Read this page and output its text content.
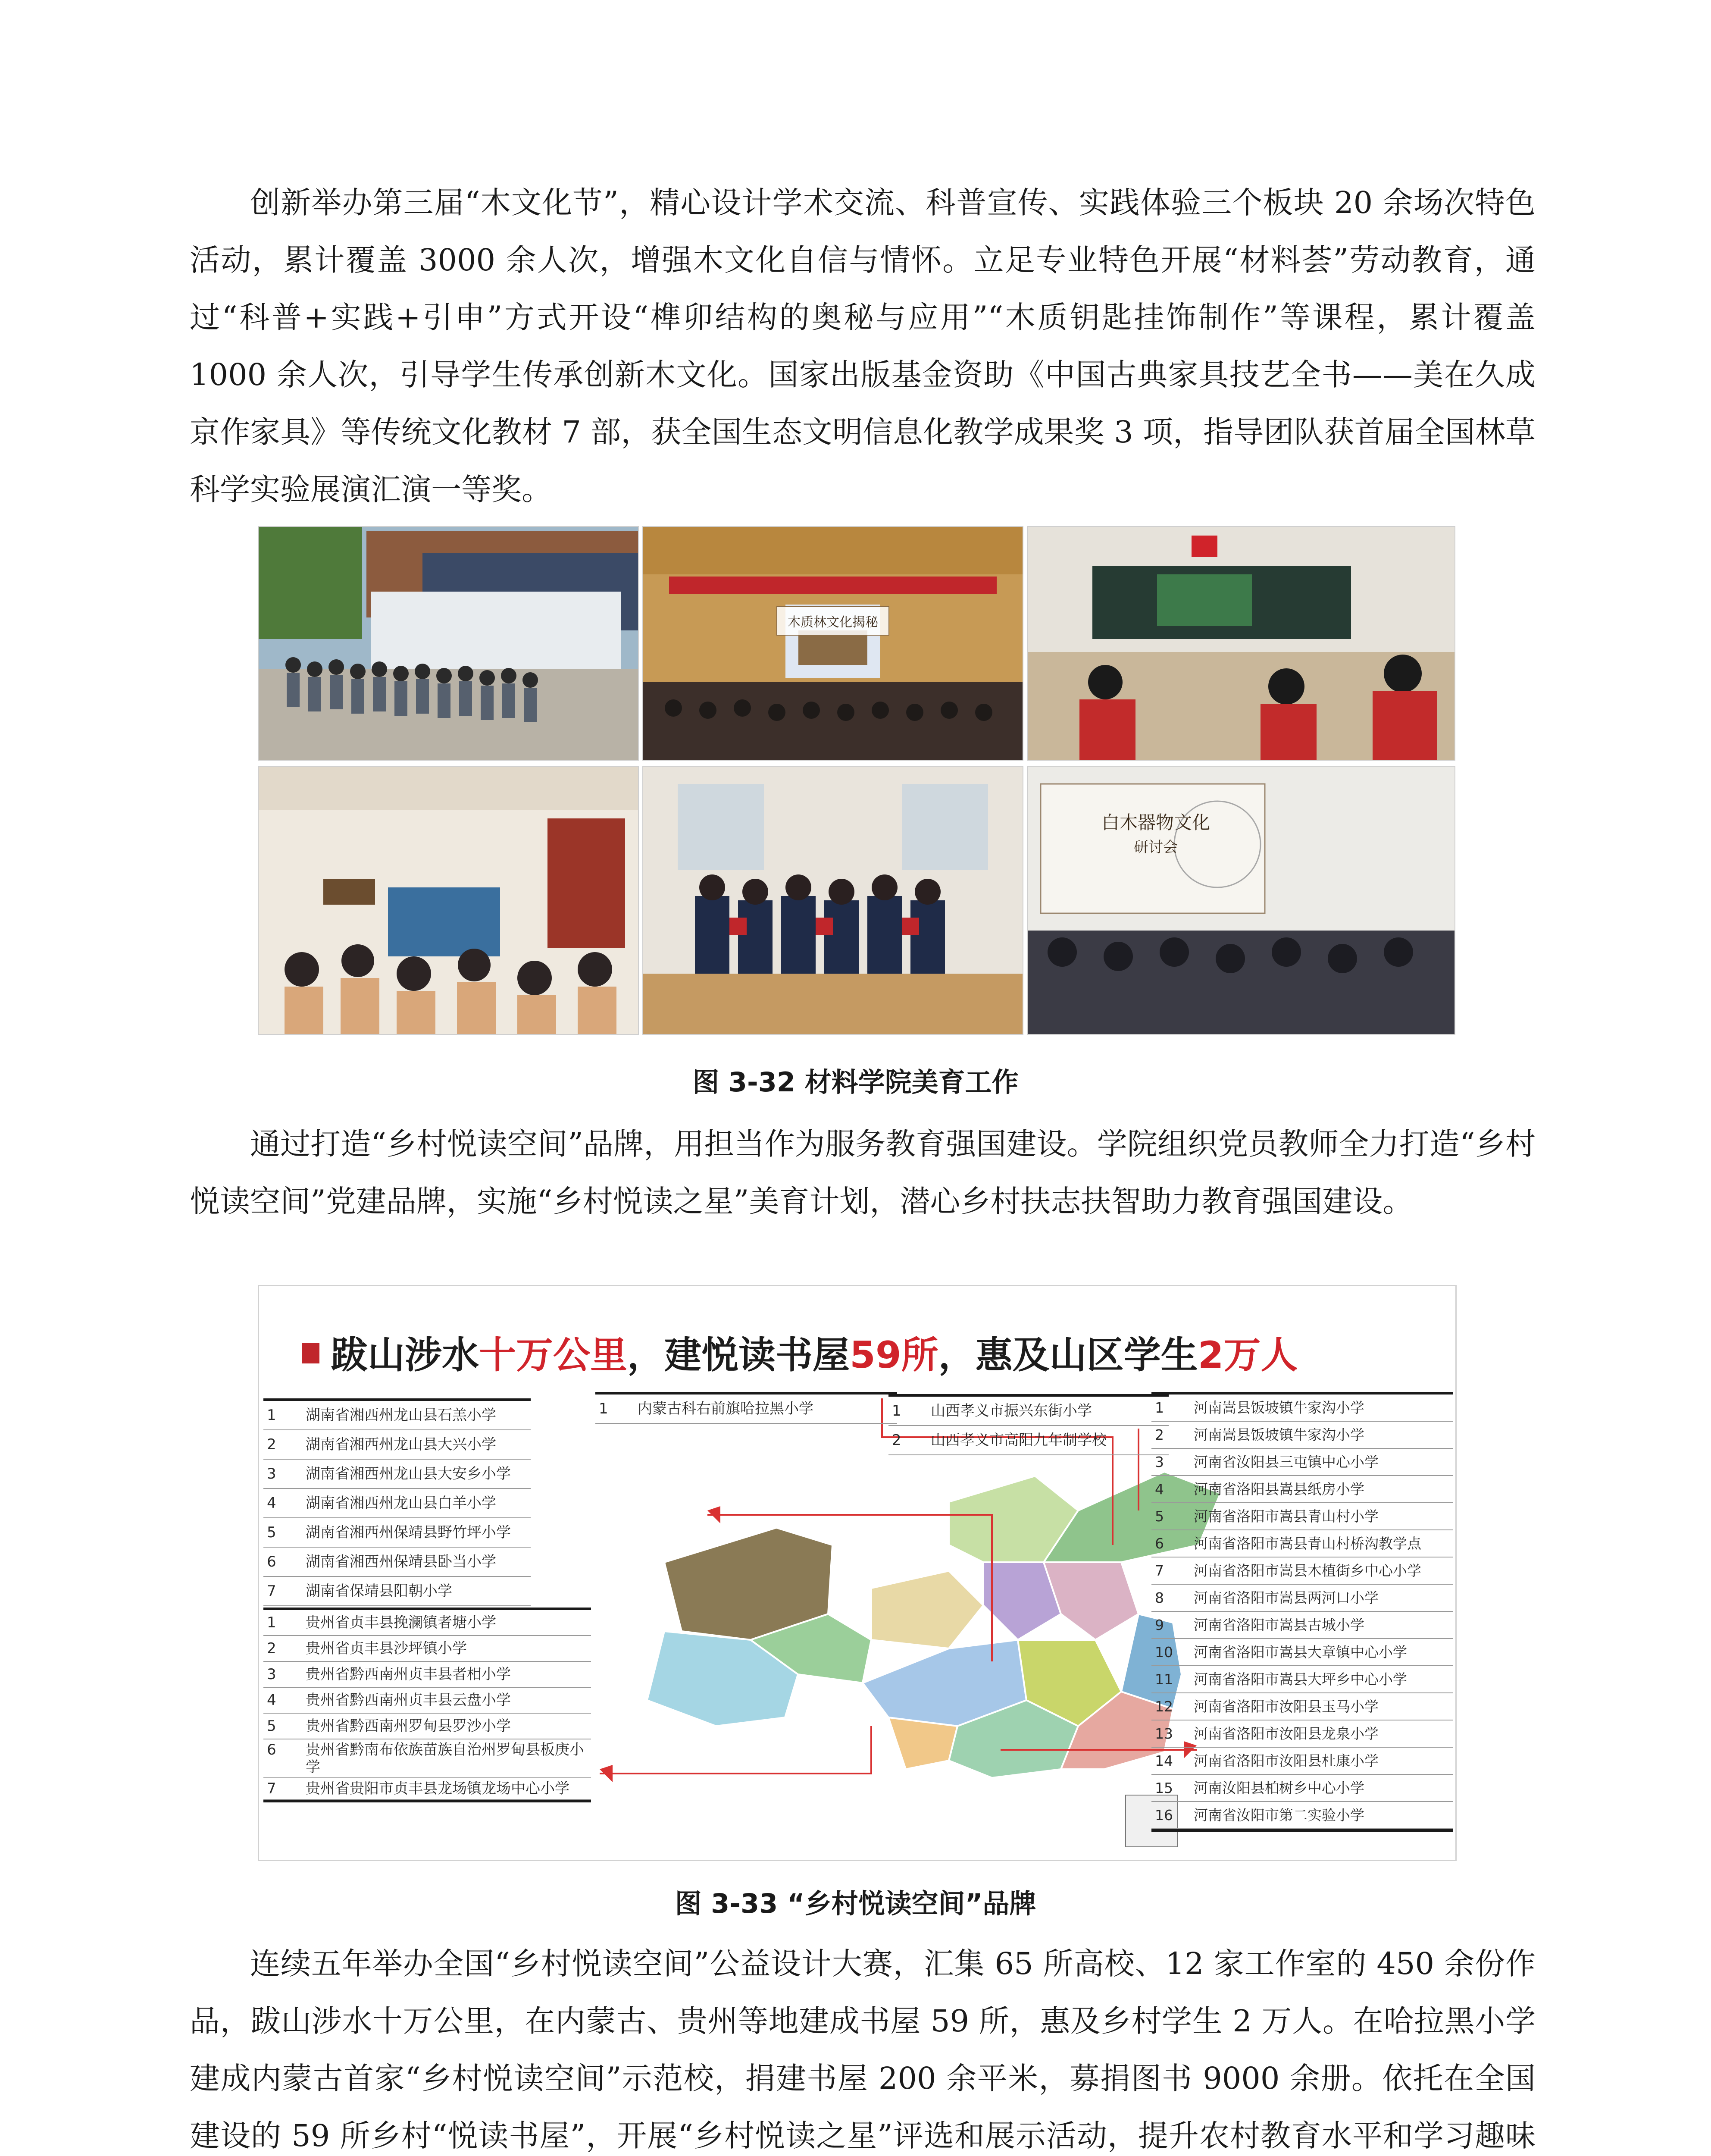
创新举办第三届“木文化节”，精心设计学术交流、科普宣传、实践体验三个板块 20 余场次特色活动，累计覆盖 3000 余人次，增强木文化自信与情怀。立足专业特色开展“材料荟”劳动教育，通过“科普+实践+引申”方式开设“榫卯结构的奥秘与应用”“木质钥匙挂饰制作”等课程，累计覆盖 1000 余人次，引导学生传承创新木文化。国家出版基金资助《中国古典家具技艺全书——美在久成 京作家具》等传统文化教材 7 部，获全国生态文明信息化教学成果奖 3 项，指导团队获首届全国林草科学实验展演汇演一等奖。

木质林文化揭秘
白木器物文化
研讨会

图 3-32 材料学院美育工作

通过打造“乡村悦读空间”品牌，用担当作为服务教育强国建设。学院组织党员教师全力打造“乡村悦读空间”党建品牌，实施“乡村悦读之星”美育计划，潜心乡村扶志扶智助力教育强国建设。

跋山涉水十万公里，建悦读书屋59所，惠及山区学生2万人
1	湖南省湘西州龙山县石羔小学
2	湖南省湘西州龙山县大兴小学
3	湖南省湘西州龙山县大安乡小学
4	湖南省湘西州龙山县白羊小学
5	湖南省湘西州保靖县野竹坪小学
6	湖南省湘西州保靖县卧当小学
7	湖南省保靖县阳朝小学
1	贵州省贞丰县挽澜镇者塘小学
2	贵州省贞丰县沙坪镇小学
3	贵州省黔西南州贞丰县者相小学
4	贵州省黔西南州贞丰县云盘小学
5	贵州省黔西南州罗甸县罗沙小学
6	贵州省黔南布依族苗族自治州罗甸县板庚小学
7	贵州省贵阳市贞丰县龙场镇龙场中心小学
1	内蒙古科右前旗哈拉黑小学	1	山西孝义市振兴东街小学
2	山西孝义市高阳九年制学校
1	河南嵩县饭坡镇牛家沟小学
2	河南嵩县饭坡镇牛家沟小学
3	河南省汝阳县三屯镇中心小学
4	河南省洛阳县嵩县纸房小学
5	河南省洛阳市嵩县青山村小学
6	河南省洛阳市嵩县青山村桥沟教学点
7	河南省洛阳市嵩县木植街乡中心小学
8	河南省洛阳市嵩县两河口小学
9	河南省洛阳市嵩县古城小学
10	河南省洛阳市嵩县大章镇中心小学
11	河南省洛阳市嵩县大坪乡中心小学
12	河南省洛阳市汝阳县玉马小学
13	河南省洛阳市汝阳县龙泉小学
14	河南省洛阳市汝阳县杜康小学
15	河南汝阳县柏树乡中心小学
16	河南省汝阳市第二实验小学

图 3-33 “乡村悦读空间”品牌

连续五年举办全国“乡村悦读空间”公益设计大赛，汇集 65 所高校、12 家工作室的 450 余份作品，跋山涉水十万公里，在内蒙古、贵州等地建成书屋 59 所，惠及乡村学生 2 万人。在哈拉黑小学建成内蒙古首家“乡村悦读空间”示范校，捐建书屋 200 余平米，募捐图书 9000 余册。依托在全国建设的 59 所乡村“悦读书屋”，开展“乡村悦读之星”评选和展示活动，提升农村教育水平和学习趣味
